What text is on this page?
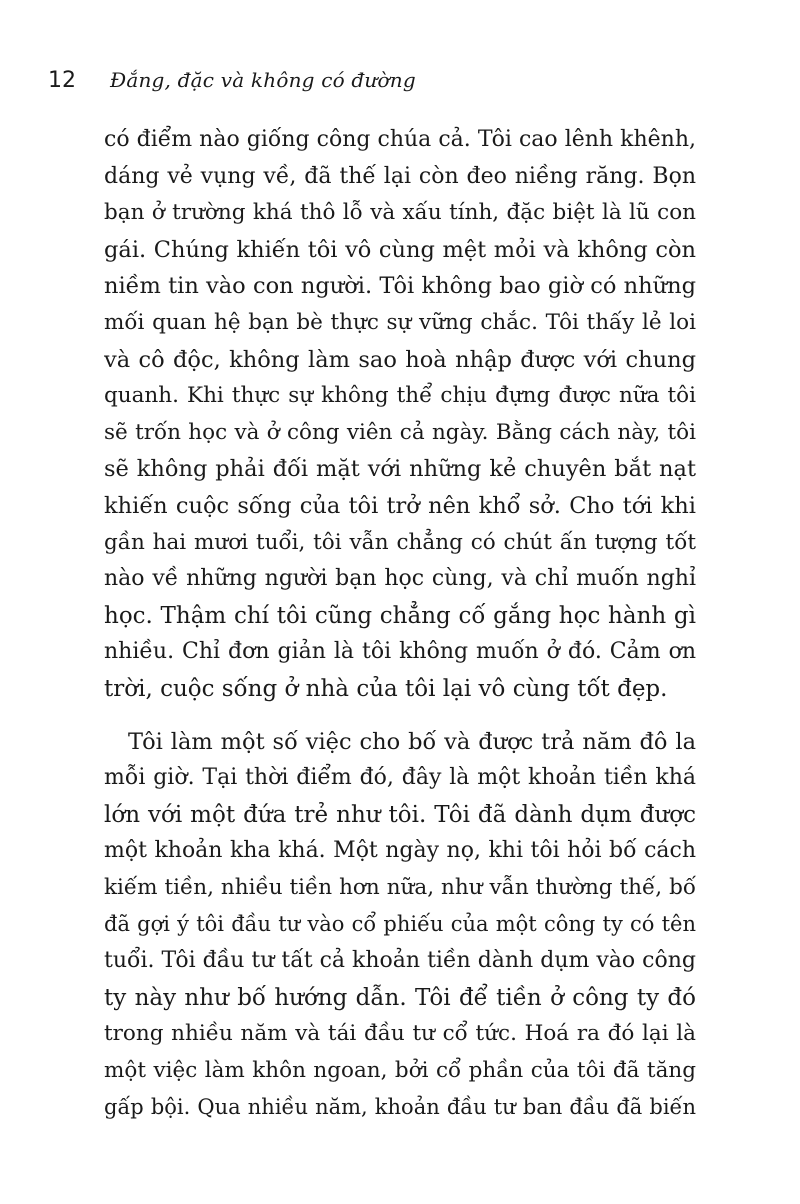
12 Đắng, đặc và không có đường

có điểm nào giống công chúa cả. Tôi cao lênh khênh,
dáng vẻ vụng về, đã thế lại còn đeo niềng răng. Bọn
bạn ở trường khá thô lỗ và xấu tính, đặc biệt là lũ con
gái. Chúng khiến tôi vô cùng mệt mỏi và không còn
niềm tin vào con người. Tôi không bao giờ có những
mối quan hệ bạn bè thực sự vững chắc. Tôi thấy lẻ loi
và cô độc, không làm sao hoà nhập được với chung
quanh. Khi thực sự không thể chịu đựng được nữa tôi
sẽ trốn học và ở công viên cả ngày. Bằng cách này, tôi
sẽ không phải đối mặt với những kẻ chuyên bắt nạt
khiến cuộc sống của tôi trở nên khổ sở. Cho tới khi
gần hai mươi tuổi, tôi vẫn chẳng có chút ấn tượng tốt
nào về những người bạn học cùng, và chỉ muốn nghỉ
học. Thậm chí tôi cũng chẳng cố gắng học hành gì
nhiều. Chỉ đơn giản là tôi không muốn ở đó. Cảm ơn
trời, cuộc sống ở nhà của tôi lại vô cùng tốt đẹp.

Tôi làm một số việc cho bố và được trả năm đô la
mỗi giờ. Tại thời điểm đó, đây là một khoản tiền khá
lớn với một đứa trẻ như tôi. Tôi đã dành dụm được
một khoản kha khá. Một ngày nọ, khi tôi hỏi bố cách
kiếm tiền, nhiều tiền hơn nữa, như vẫn thường thế, bố
đã gợi ý tôi đầu tư vào cổ phiếu của một công ty có tên
tuổi. Tôi đầu tư tất cả khoản tiền dành dụm vào công
ty này như bố hướng dẫn. Tôi để tiền ở công ty đó
trong nhiều năm và tái đầu tư cổ tức. Hoá ra đó lại là
một việc làm khôn ngoan, bởi cổ phần của tôi đã tăng
gấp bội. Qua nhiều năm, khoản đầu tư ban đầu đã biến
